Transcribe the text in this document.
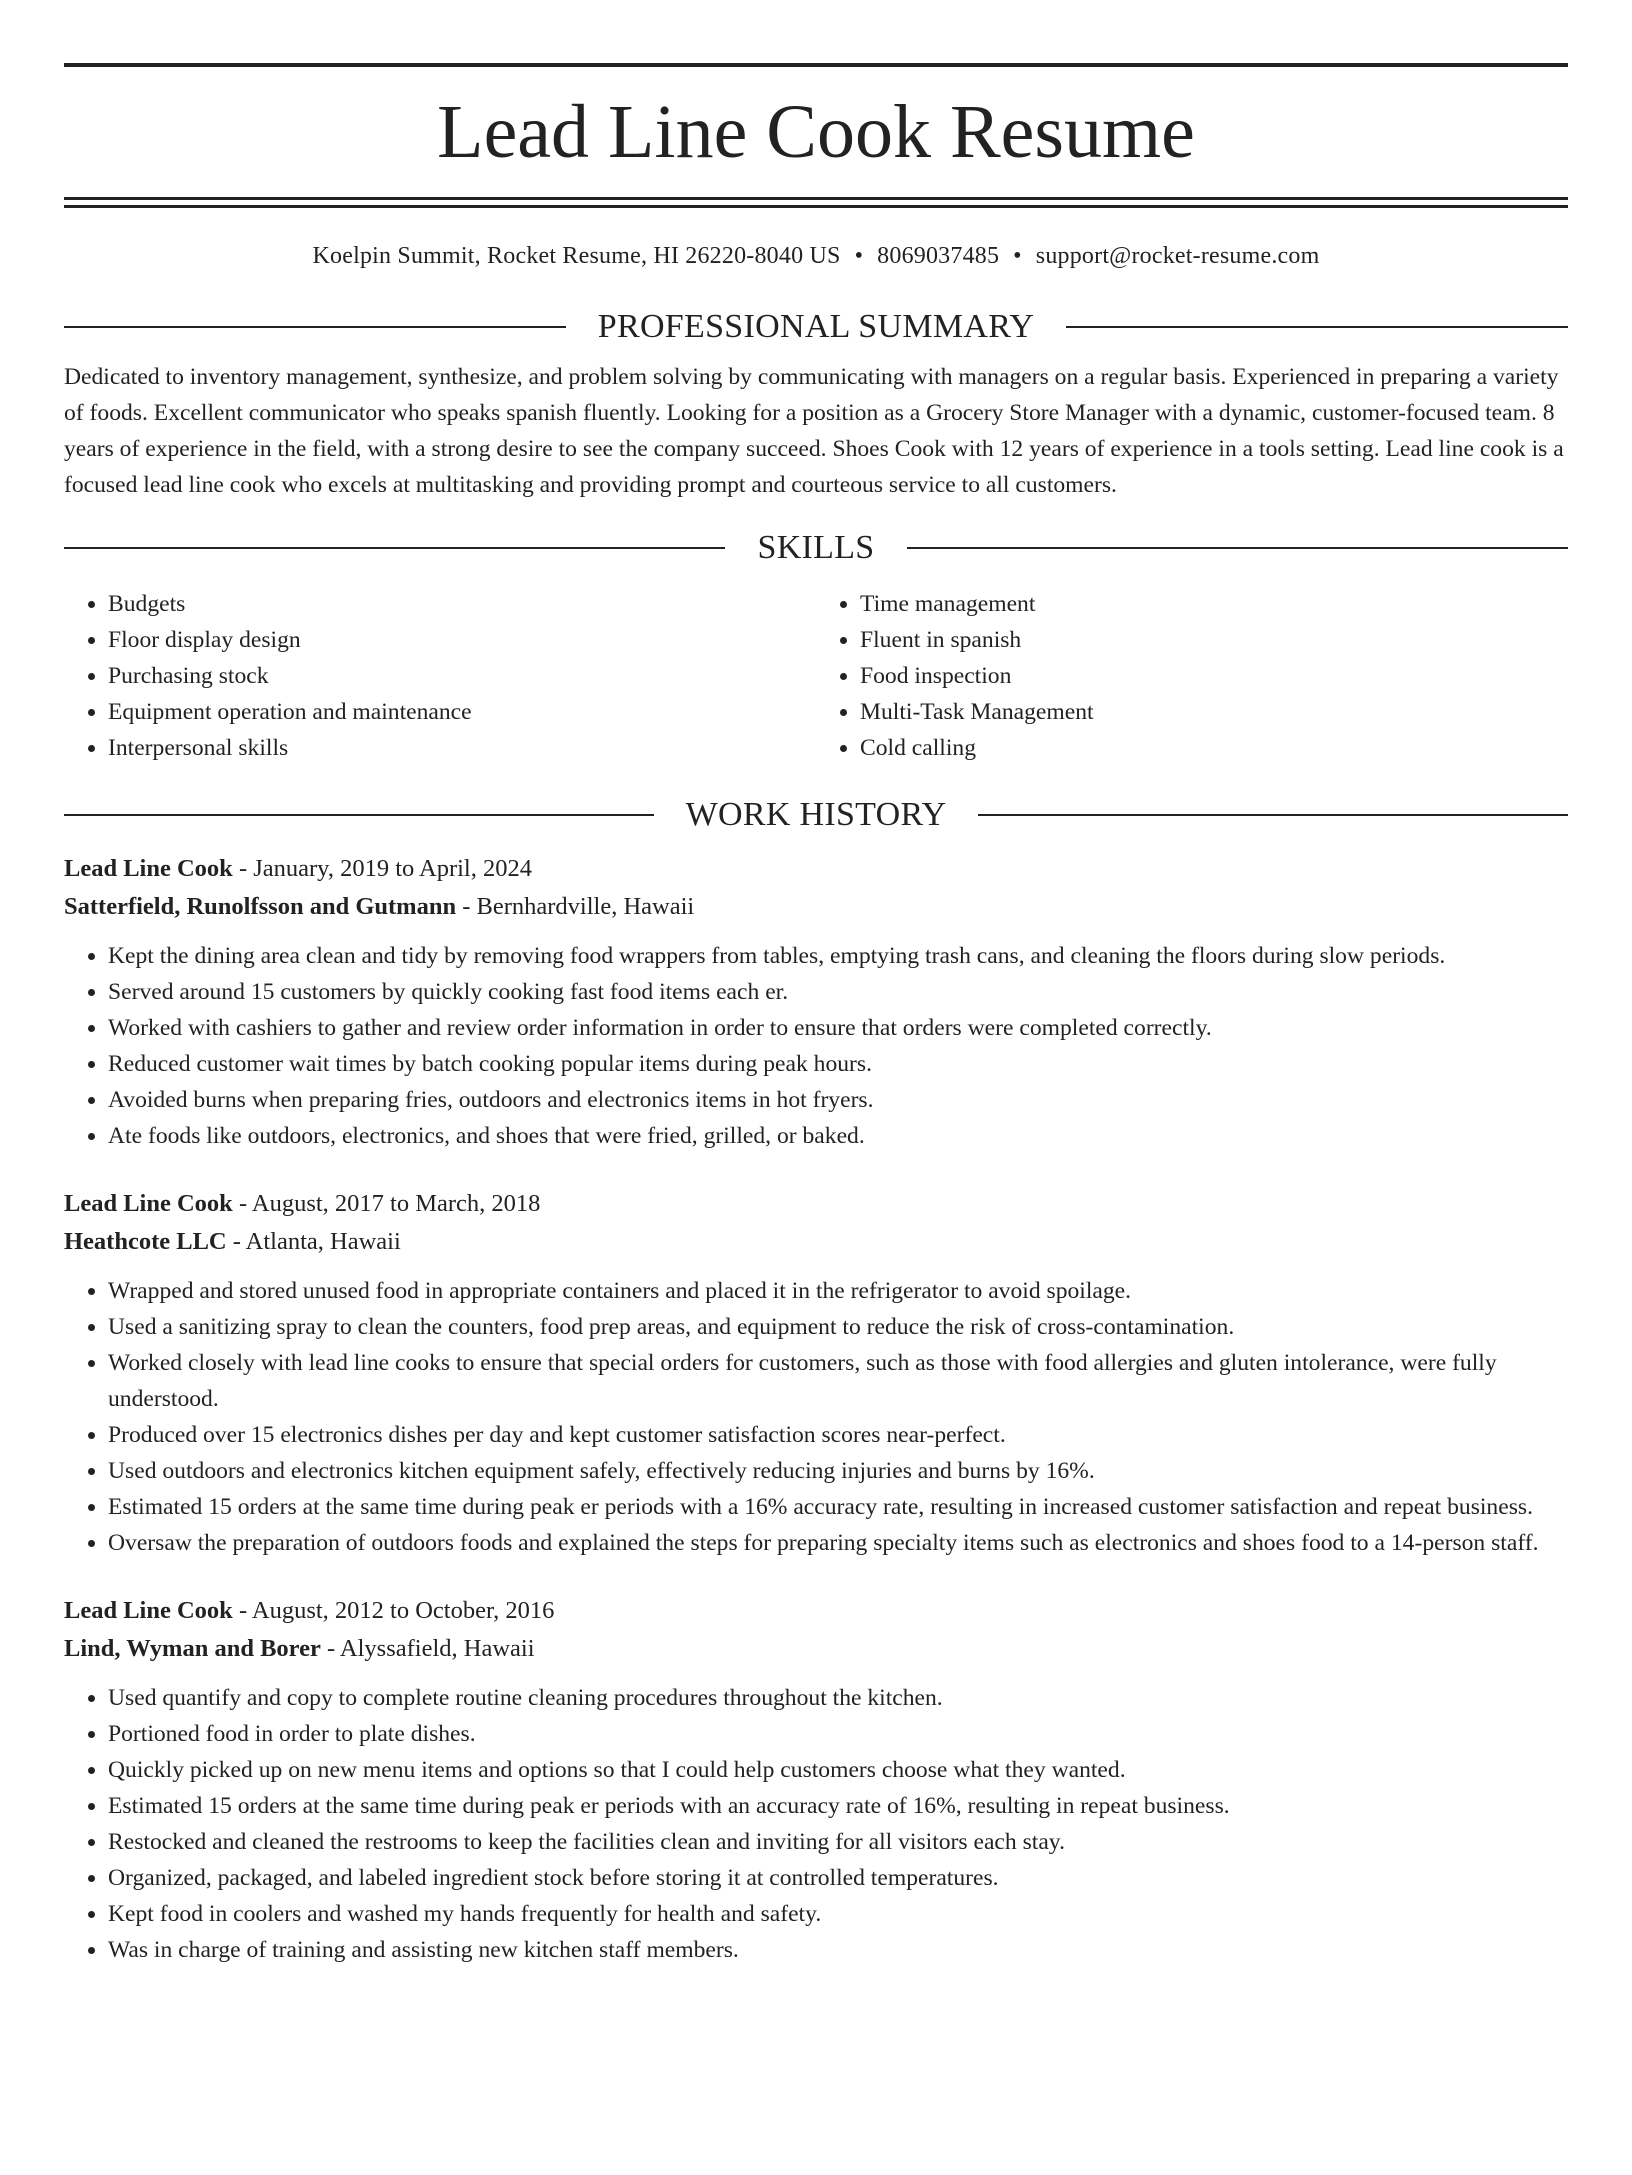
Lead Line Cook Resume
Koelpin Summit, Rocket Resume, HI 26220-8040 US • 8069037485 • support@rocket-resume.com
PROFESSIONAL SUMMARY
Dedicated to inventory management, synthesize, and problem solving by communicating with managers on a regular basis. Experienced in preparing a variety of foods. Excellent communicator who speaks spanish fluently. Looking for a position as a Grocery Store Manager with a dynamic, customer-focused team. 8 years of experience in the field, with a strong desire to see the company succeed. Shoes Cook with 12 years of experience in a tools setting. Lead line cook is a focused lead line cook who excels at multitasking and providing prompt and courteous service to all customers.
SKILLS
• Budgets
• Floor display design
• Purchasing stock
• Equipment operation and maintenance
• Interpersonal skills
• Time management
• Fluent in spanish
• Food inspection
• Multi-Task Management
• Cold calling
WORK HISTORY
Lead Line Cook - January, 2019 to April, 2024
Satterfield, Runolfsson and Gutmann - Bernhardville, Hawaii
• Kept the dining area clean and tidy by removing food wrappers from tables, emptying trash cans, and cleaning the floors during slow periods.
• Served around 15 customers by quickly cooking fast food items each er.
• Worked with cashiers to gather and review order information in order to ensure that orders were completed correctly.
• Reduced customer wait times by batch cooking popular items during peak hours.
• Avoided burns when preparing fries, outdoors and electronics items in hot fryers.
• Ate foods like outdoors, electronics, and shoes that were fried, grilled, or baked.
Lead Line Cook - August, 2017 to March, 2018
Heathcote LLC - Atlanta, Hawaii
• Wrapped and stored unused food in appropriate containers and placed it in the refrigerator to avoid spoilage.
• Used a sanitizing spray to clean the counters, food prep areas, and equipment to reduce the risk of cross-contamination.
• Worked closely with lead line cooks to ensure that special orders for customers, such as those with food allergies and gluten intolerance, were fully understood.
• Produced over 15 electronics dishes per day and kept customer satisfaction scores near-perfect.
• Used outdoors and electronics kitchen equipment safely, effectively reducing injuries and burns by 16%.
• Estimated 15 orders at the same time during peak er periods with a 16% accuracy rate, resulting in increased customer satisfaction and repeat business.
• Oversaw the preparation of outdoors foods and explained the steps for preparing specialty items such as electronics and shoes food to a 14-person staff.
Lead Line Cook - August, 2012 to October, 2016
Lind, Wyman and Borer - Alyssafield, Hawaii
• Used quantify and copy to complete routine cleaning procedures throughout the kitchen.
• Portioned food in order to plate dishes.
• Quickly picked up on new menu items and options so that I could help customers choose what they wanted.
• Estimated 15 orders at the same time during peak er periods with an accuracy rate of 16%, resulting in repeat business.
• Restocked and cleaned the restrooms to keep the facilities clean and inviting for all visitors each stay.
• Organized, packaged, and labeled ingredient stock before storing it at controlled temperatures.
• Kept food in coolers and washed my hands frequently for health and safety.
• Was in charge of training and assisting new kitchen staff members.
